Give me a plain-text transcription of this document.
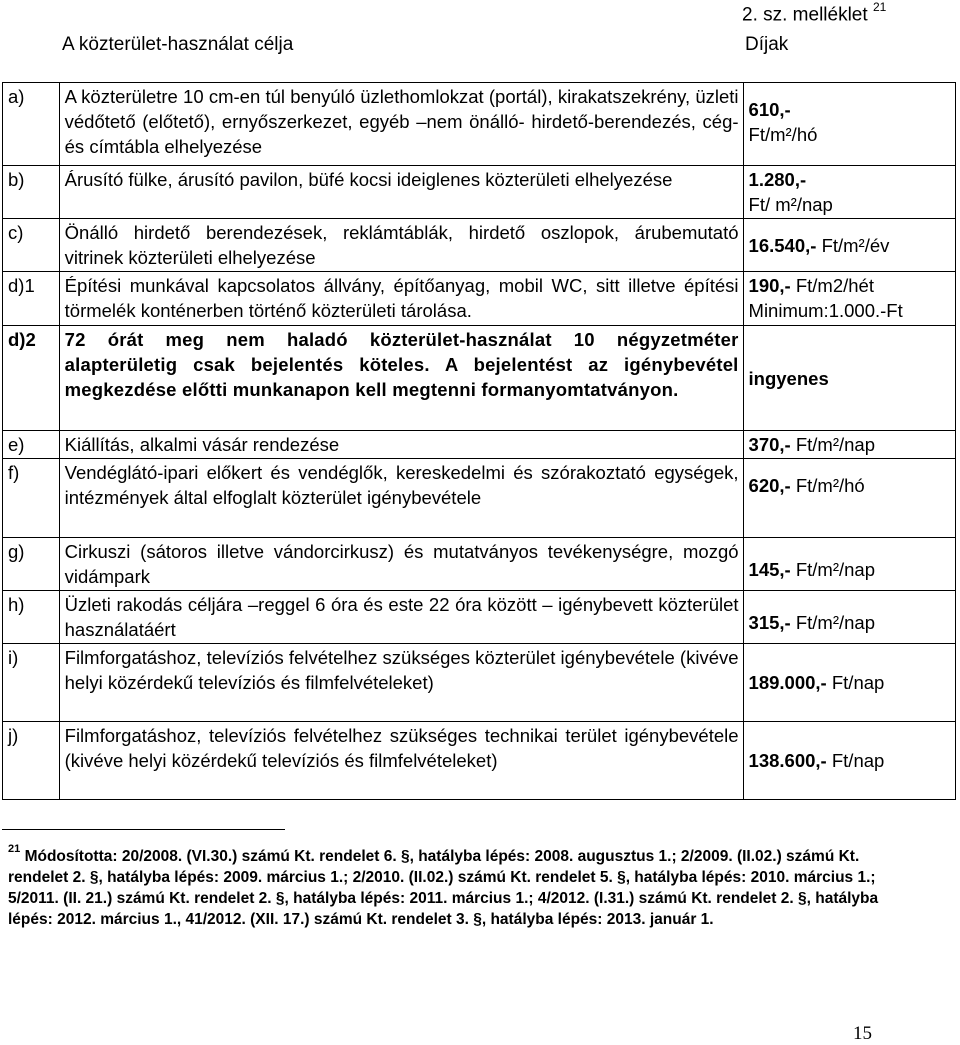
2. sz. melléklet $^{21}$
A közterület-használat célja	Díjak
a)	A közterületre 10 cm-en túl benyúló üzlethomlokzat (portál), kirakatszekrény, üzleti védőtető (előtető), ernyőszerkezet, egyéb –nem önálló- hirdető-berendezés, cég- és címtábla elhelyezése	610,-
Ft/m²/hó
b)	Árusító fülke, árusító pavilon, büfé kocsi ideiglenes közterületi elhelyezése	1.280,-
Ft/ m²/nap
c)	Önálló hirdető berendezések, reklámtáblák, hirdető oszlopok, árubemutató vitrinek közterületi elhelyezése	16.540,- Ft/m²/év
d)1	Építési munkával kapcsolatos állvány, építőanyag, mobil WC, sitt illetve építési törmelék konténerben történő közterületi tárolása.	190,- Ft/m2/hét
Minimum:1.000.-Ft
d)2	72 órát meg nem haladó közterület-használat 10 négyzetméter alapterületig csak bejelentés köteles. A bejelentést az igénybevétel megkezdése előtti munkanapon kell megtenni formanyomtatványon.	ingyenes
e)	Kiállítás, alkalmi vásár rendezése	370,- Ft/m²/nap
f)	Vendéglátó-ipari előkert és vendéglők, kereskedelmi és szórakoztató egységek, intézmények által elfoglalt közterület igénybevétele	620,- Ft/m²/hó
g)	Cirkuszi (sátoros illetve vándorcirkusz) és mutatványos tevékenységre, mozgó vidámpark	145,- Ft/m²/nap
h)	Üzleti rakodás céljára –reggel 6 óra és este 22 óra között – igénybevett közterület használatáért	315,- Ft/m²/nap
i)	Filmforgatáshoz, televíziós felvételhez szükséges közterület igénybevétele (kivéve helyi közérdekű televíziós és filmfelvételeket)	189.000,- Ft/nap
j)	Filmforgatáshoz, televíziós felvételhez szükséges technikai terület igénybevétele (kivéve helyi közérdekű televíziós és filmfelvételeket)	138.600,- Ft/nap
$^{21}$ Módosította: 20/2008. (VI.30.) számú Kt. rendelet 6. §, hatályba lépés: 2008. augusztus 1.; 2/2009. (II.02.) számú Kt. rendelet 2. §, hatályba lépés: 2009. március 1.; 2/2010. (II.02.) számú Kt. rendelet 5. §, hatályba lépés: 2010. március 1.; 5/2011. (II. 21.) számú Kt. rendelet 2. §, hatályba lépés: 2011. március 1.; 4/2012. (I.31.) számú Kt. rendelet 2. §, hatályba lépés: 2012. március 1., 41/2012. (XII. 17.) számú Kt. rendelet 3. §, hatályba lépés: 2013. január 1.
15
